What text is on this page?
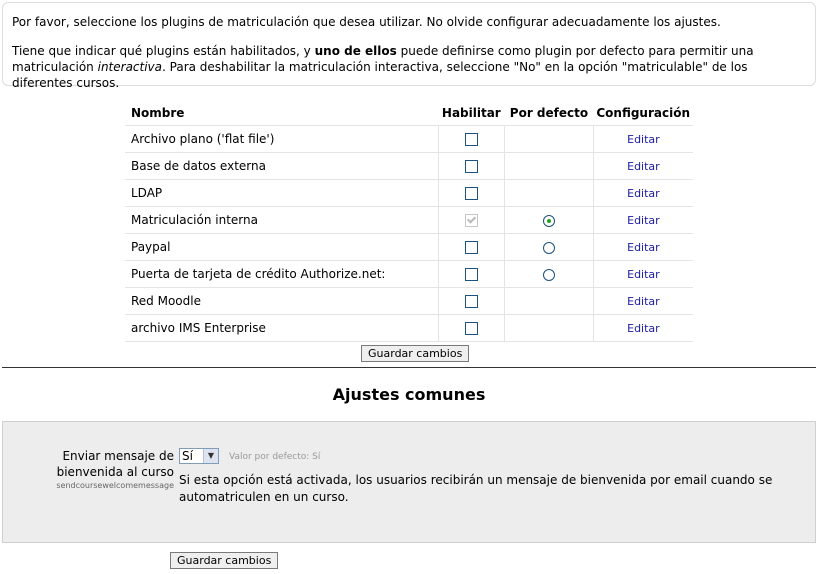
Por favor, seleccione los plugins de matriculación que desea utilizar. No olvide configurar adecuadamente los ajustes.

Tiene que indicar qué plugins están habilitados, y uno de ellos puede definirse como plugin por defecto para permitir una matriculación interactiva. Para deshabilitar la matriculación interactiva, seleccione "No" en la opción "matriculable" de los diferentes cursos.

Nombre	Habilitar	Por defecto	Configuración
Archivo plano ('flat file')			Editar
Base de datos externa			Editar
LDAP			Editar
Matriculación interna			Editar
Paypal			Editar
Puerta de tarjeta de crédito Authorize.net:			Editar
Red Moodle			Editar
archivo IMS Enterprise			Editar
Guardar cambios
Ajustes comunes
Enviar mensaje de bienvenida al curso
sendcoursewelcomemessage
Sí	▼	Valor por defecto: Sí
Si esta opción está activada, los usuarios recibirán un mensaje de bienvenida por email cuando se automatriculen en un curso.
Guardar cambios
